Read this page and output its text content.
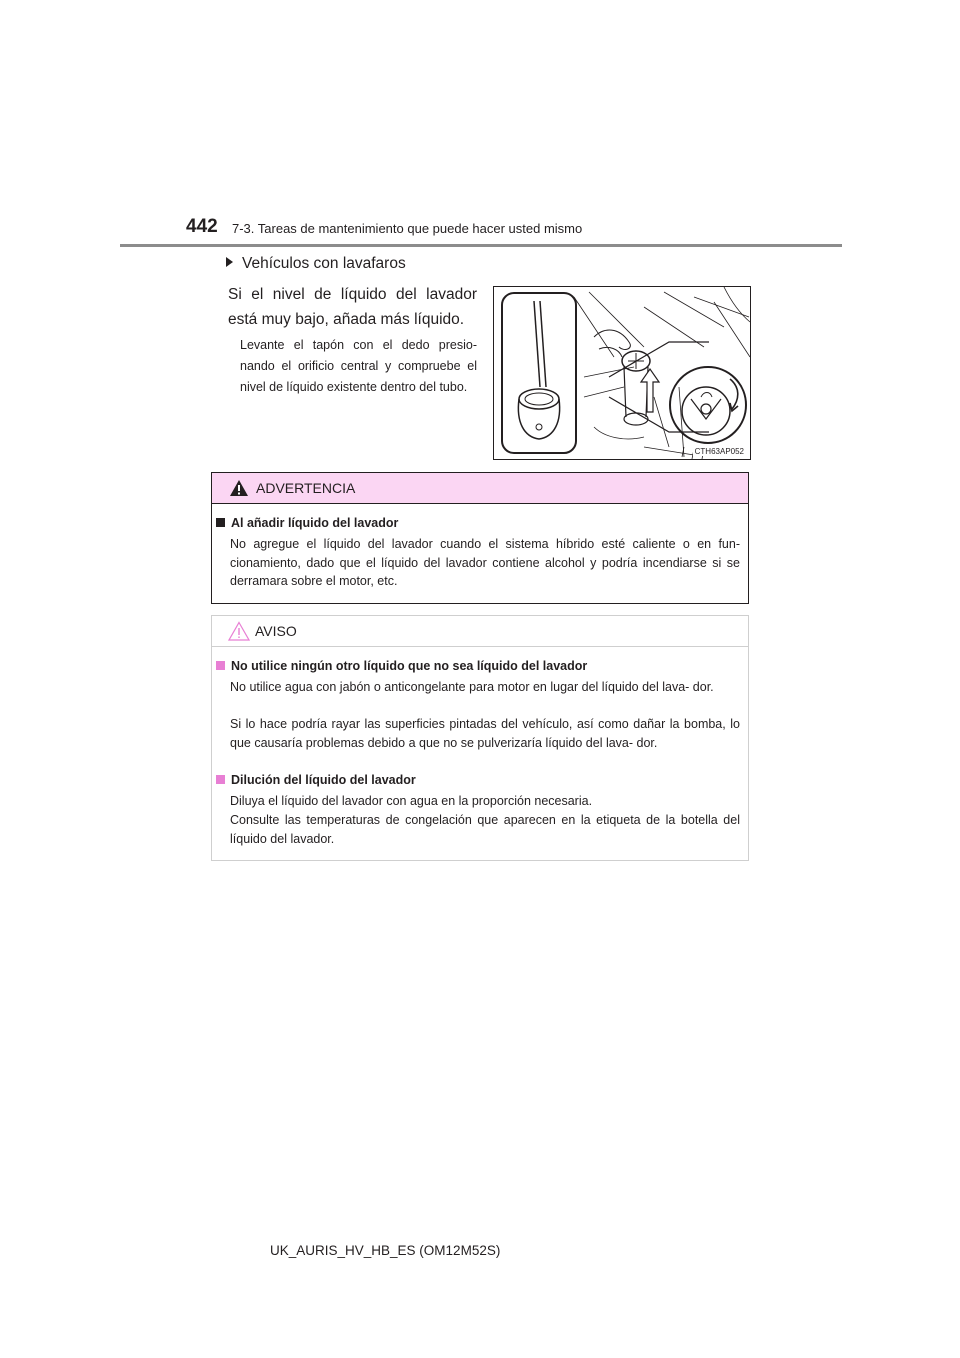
442 7-3. Tareas de mantenimiento que puede hacer usted mismo
Vehículos con lavafaros
Si el nivel de líquido del lavador está muy bajo, añada más líquido.
Levante el tapón con el dedo presio- nando el orificio central y compruebe el nivel de líquido existente dentro del tubo.
CTH63AP052
ADVERTENCIA
Al añadir líquido del lavador
No agregue el líquido del lavador cuando el sistema híbrido esté caliente o en fun- cionamiento, dado que el líquido del lavador contiene alcohol y podría incendiarse si se derramara sobre el motor, etc.
AVISO
No utilice ningún otro líquido que no sea líquido del lavador
No utilice agua con jabón o anticongelante para motor en lugar del líquido del lava- dor.
Si lo hace podría rayar las superficies pintadas del vehículo, así como dañar la bomba, lo que causaría problemas debido a que no se pulverizaría líquido del lava- dor.
Dilución del líquido del lavador
Diluya el líquido del lavador con agua en la proporción necesaria.
Consulte las temperaturas de congelación que aparecen en la etiqueta de la botella del líquido del lavador.
UK_AURIS_HV_HB_ES (OM12M52S)
